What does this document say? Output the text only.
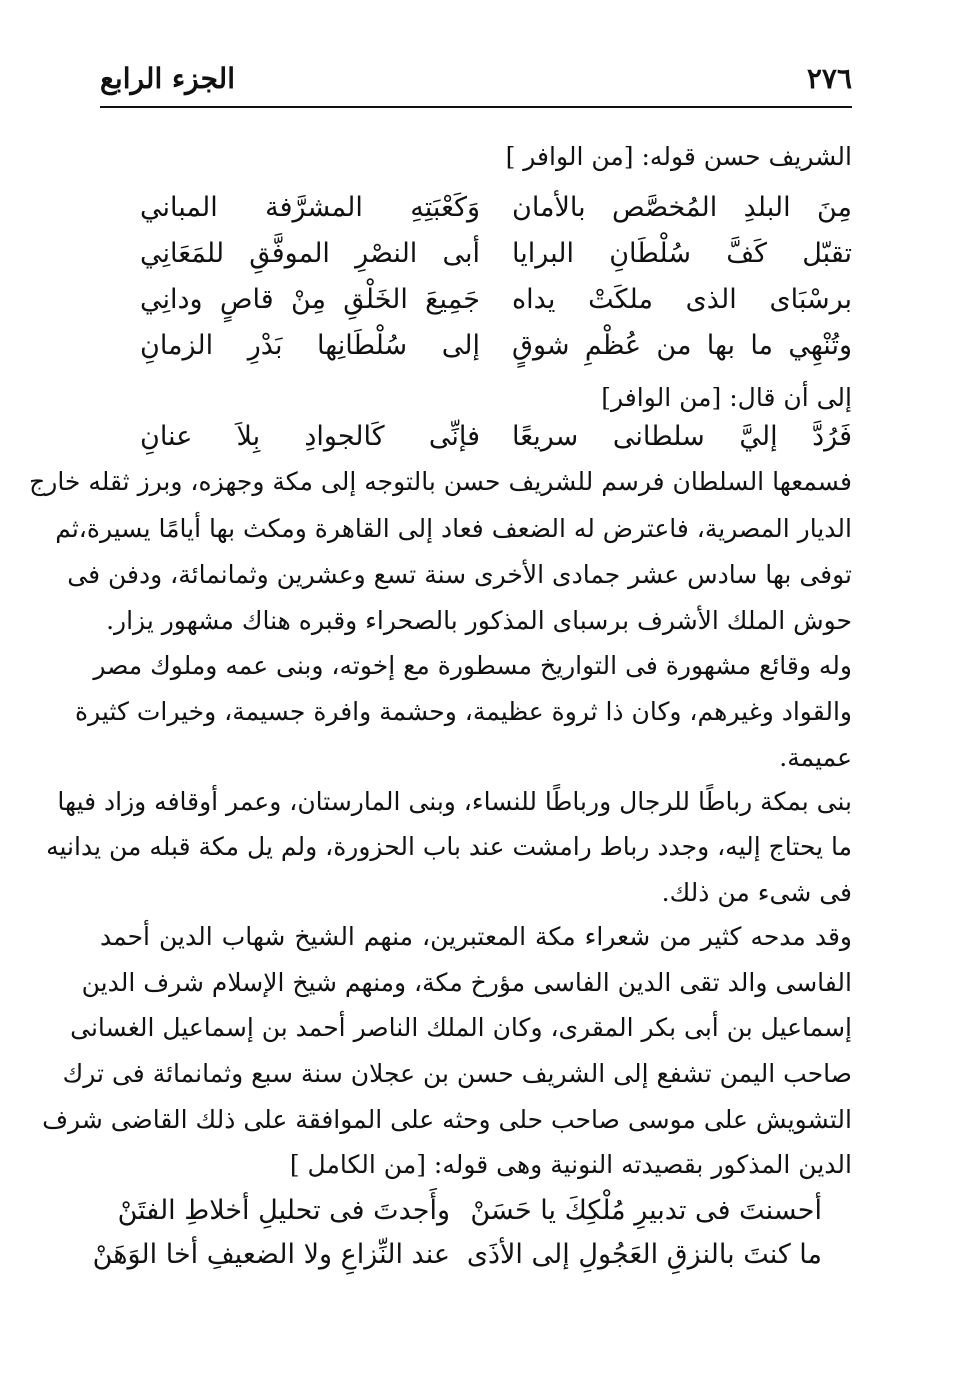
٢٧٦
الجزء الرابع
الشريف حسن قوله: [من الوافر ]
مِنَ البلدِ المُخصَّص بالأمان
وَكَعْبَتِهِ المشرَّفة المباني
تقبّل كَفَّ سُلْطَانِ البرايا
أبى النصْرِ الموفَّقِ للمَعَانِي
برسْبَاى الذى ملكَتْ يداه
جَمِيعَ الخَلْقِ مِنْ قاصٍ ودانِي
وتُنْهِي ما بها من عُظْمِ شوقٍ
إلى سُلْطَانِها بَدْرِ الزمانِ
إلى أن قال: [من الوافر]
فَرُدَّ إليَّ سلطانى سريعًا
فإنِّى كَالجوادِ بِلاَ عنانِ
فسمعها السلطان فرسم للشريف حسن بالتوجه إلى مكة وجهزه، وبرز ثقله خارج
الديار المصرية، فاعترض له الضعف فعاد إلى القاهرة ومكث بها أيامًا يسيرة،ثم
توفى بها سادس عشر جمادى الأخرى سنة تسع وعشرين وثمانمائة، ودفن فى
حوش الملك الأشرف برسباى المذكور بالصحراء وقبره هناك مشهور يزار.
وله وقائع مشهورة فى التواريخ مسطورة مع إخوته، وبنى عمه وملوك مصر
والقواد وغيرهم، وكان ذا ثروة عظيمة، وحشمة وافرة جسيمة، وخيرات كثيرة
عميمة.
بنى بمكة رباطًا للرجال ورباطًا للنساء، وبنى المارستان، وعمر أوقافه وزاد فيها
ما يحتاج إليه، وجدد رباط رامشت عند باب الحزورة، ولم يل مكة قبله من يدانيه
فى شىء من ذلك.
وقد مدحه كثير من شعراء مكة المعتبرين، منهم الشيخ شهاب الدين أحمد
الفاسى والد تقى الدين الفاسى مؤرخ مكة، ومنهم شيخ الإسلام شرف الدين
إسماعيل بن أبى بكر المقرى، وكان الملك الناصر أحمد بن إسماعيل الغسانى
صاحب اليمن تشفع إلى الشريف حسن بن عجلان سنة سبع وثمانمائة فى ترك
التشويش على موسى صاحب حلى وحثه على الموافقة على ذلك القاضى شرف
الدين المذكور بقصيدته النونية وهى قوله: [من الكامل ]
أحسنتَ فى تدبيرِ مُلْكِكَ يا حَسَنْ
وأَجدتَ فى تحليلِ أخلاطِ الفتَنْ
ما كنتَ بالنزقِ العَجُولِ إلى الأذَى
عند النِّزاعِ ولا الضعيفِ أخا الوَهَنْ
